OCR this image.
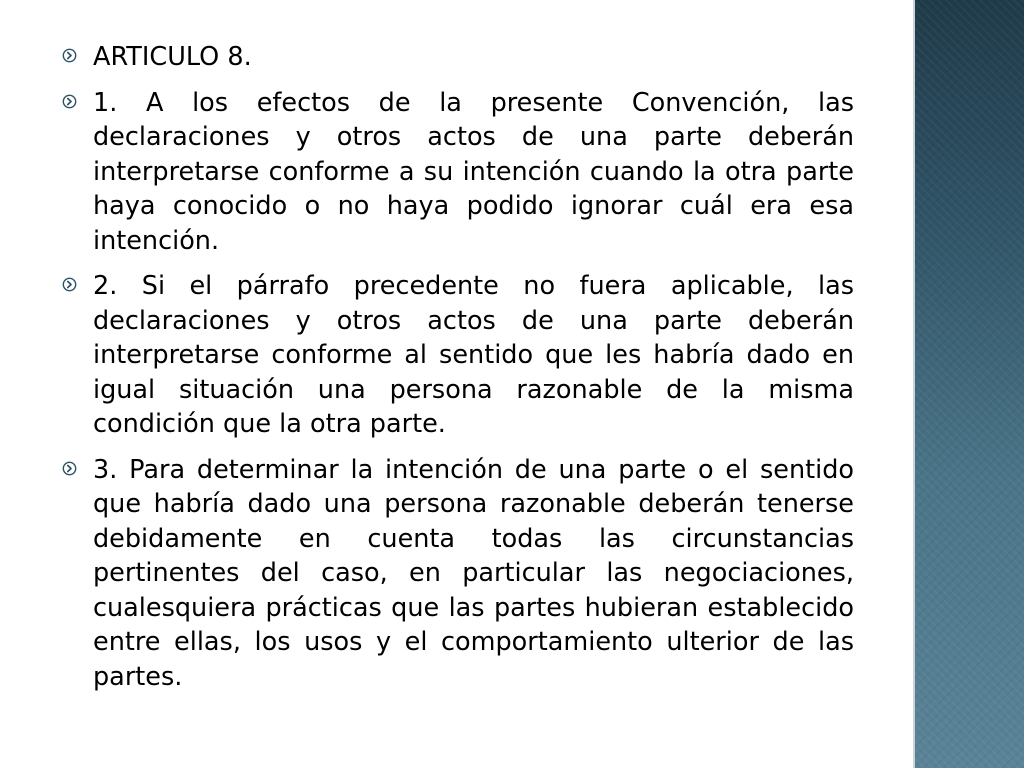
ARTICULO 8.
1. A los efectos de la presente Convención, las declaraciones y otros actos de una parte deberán interpretarse conforme a su intención cuando la otra parte haya conocido o no haya podido ignorar cuál era esa intención.
2. Si el párrafo precedente no fuera aplicable, las declaraciones y otros actos de una parte deberán interpretarse conforme al sentido que les habría dado en igual situación una persona razonable de la misma condición que la otra parte.
3. Para determinar la intención de una parte o el sentido que habría dado una persona razonable deberán tenerse debidamente en cuenta todas las circunstancias pertinentes del caso, en particular las negociaciones, cualesquiera prácticas que las partes hubieran establecido entre ellas, los usos y el comportamiento ulterior de las partes.
